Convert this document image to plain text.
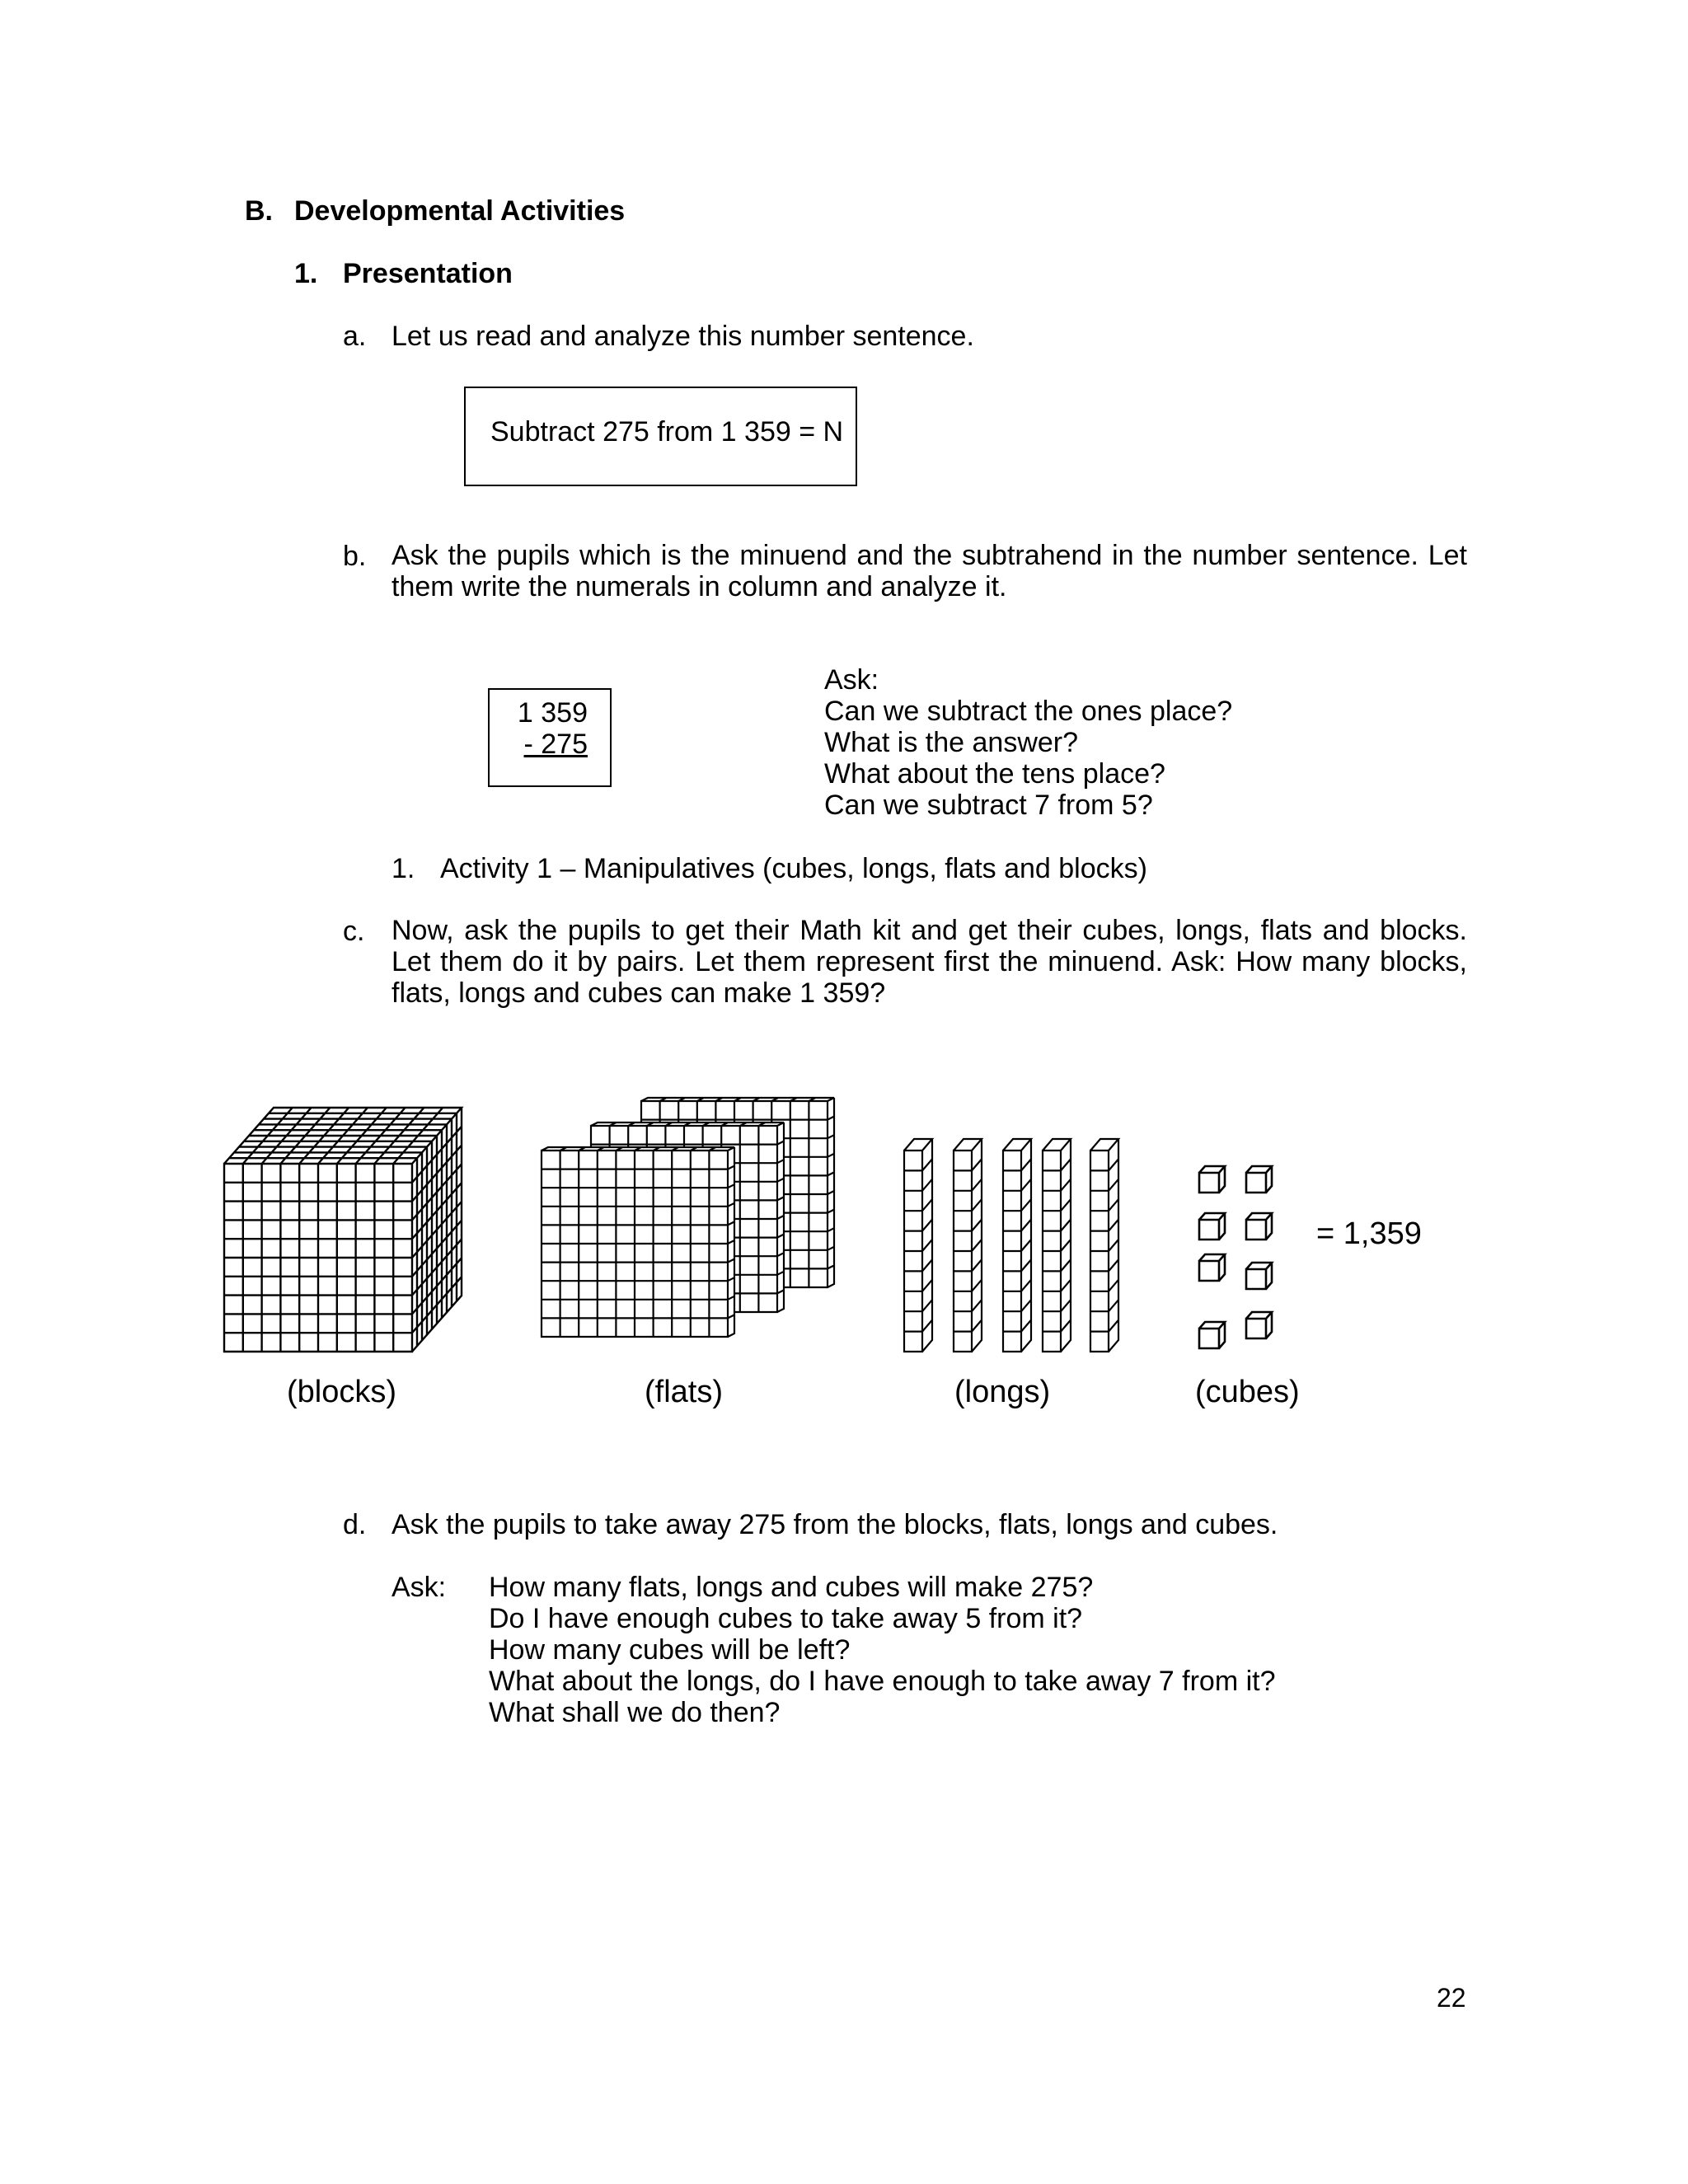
B. Developmental Activities
1. Presentation
a. Let us read and analyze this number sentence.
Subtract 275 from 1 359 = N
b. Ask the pupils which is the minuend and the subtrahend in the number sentence. Let them write the numerals in column and analyze it.
1 359
- 275
Ask:
Can we subtract the ones place?
What is the answer?
What about the tens place?
Can we subtract 7 from 5?
1. Activity 1 – Manipulatives (cubes, longs, flats and blocks)
c. Now, ask the pupils to get their Math kit and get their cubes, longs, flats and blocks. Let them do it by pairs. Let them represent first the minuend. Ask: How many blocks, flats, longs and cubes can make 1 359?
(blocks)	(flats)	(longs)	(cubes)
= 1,359
d. Ask the pupils to take away 275 from the blocks, flats, longs and cubes.
Ask: How many flats, longs and cubes will make 275?
Do I have enough cubes to take away 5 from it?
How many cubes will be left?
What about the longs, do I have enough to take away 7 from it?
What shall we do then?
22
